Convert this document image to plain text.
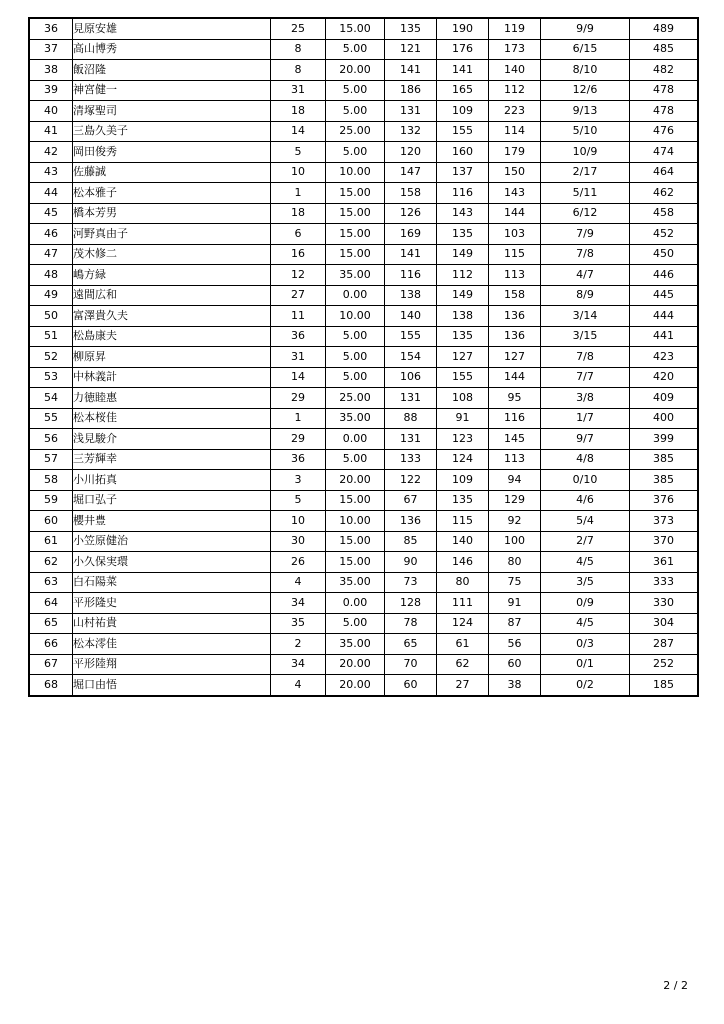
36	見原安雄	25	15.00	135	190	119	9/9	489
37	高山博秀	8	5.00	121	176	173	6/15	485
38	飯沼隆	8	20.00	141	141	140	8/10	482
39	神宮健一	31	5.00	186	165	112	12/6	478
40	清塚聖司	18	5.00	131	109	223	9/13	478
41	三島久美子	14	25.00	132	155	114	5/10	476
42	岡田俊秀	5	5.00	120	160	179	10/9	474
43	佐藤誠	10	10.00	147	137	150	2/17	464
44	松本雅子	1	15.00	158	116	143	5/11	462
45	橋本芳男	18	15.00	126	143	144	6/12	458
46	河野真由子	6	15.00	169	135	103	7/9	452
47	茂木修二	16	15.00	141	149	115	7/8	450
48	嶋方緑	12	35.00	116	112	113	4/7	446
49	遠間広和	27	0.00	138	149	158	8/9	445
50	富澤貴久夫	11	10.00	140	138	136	3/14	444
51	松島康夫	36	5.00	155	135	136	3/15	441
52	柳原昇	31	5.00	154	127	127	7/8	423
53	中林義計	14	5.00	106	155	144	7/7	420
54	力徳睦惠	29	25.00	131	108	95	3/8	409
55	松本桜佳	1	35.00	88	91	116	1/7	400
56	浅見駿介	29	0.00	131	123	145	9/7	399
57	三芳輝幸	36	5.00	133	124	113	4/8	385
58	小川拓真	3	20.00	122	109	94	0/10	385
59	堀口弘子	5	15.00	67	135	129	4/6	376
60	櫻井豊	10	10.00	136	115	92	5/4	373
61	小笠原健治	30	15.00	85	140	100	2/7	370
62	小久保実環	26	15.00	90	146	80	4/5	361
63	白石陽菜	4	35.00	73	80	75	3/5	333
64	平形隆史	34	0.00	128	111	91	0/9	330
65	山村祐貴	35	5.00	78	124	87	4/5	304
66	松本澪佳	2	35.00	65	61	56	0/3	287
67	平形陸翔	34	20.00	70	62	60	0/1	252
68	堀口由悟	4	20.00	60	27	38	0/2	185
2 / 2
